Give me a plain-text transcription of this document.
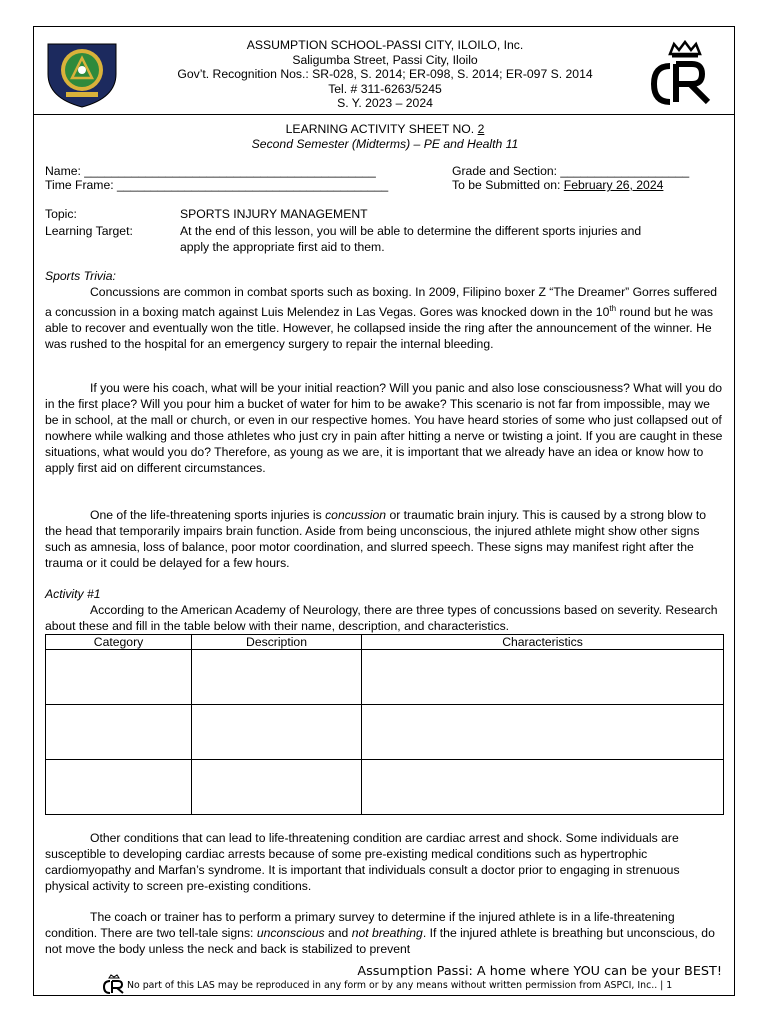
ASSUMPTION SCHOOL-PASSI CITY, ILOILO, Inc.
Saligumba Street, Passi City, Iloilo
Gov’t. Recognition Nos.: SR-028, S. 2014; ER-098, S. 2014; ER-097 S. 2014
Tel. # 311-6263/5245
S. Y. 2023 – 2024
LEARNING ACTIVITY SHEET NO. 2
Second Semester (Midterms) – PE and Health 11
Name: ___________________________________________	Grade and Section: ___________________
Time Frame: ________________________________________	To be Submitted on: February 26, 2024
Topic:	SPORTS INJURY MANAGEMENT
Learning Target:	At the end of this lesson, you will be able to determine the different sports injuries and
apply the appropriate first aid to them.

Sports Trivia:

Concussions are common in combat sports such as boxing. In 2009, Filipino boxer Z “The Dreamer” Gorres suffered a concussion in a boxing match against Luis Melendez in Las Vegas. Gores was knocked down in the 10th round but he was able to recover and eventually won the title. However, he collapsed inside the ring after the announcement of the winner. He was rushed to the hospital for an emergency surgery to repair the internal bleeding.

If you were his coach, what will be your initial reaction? Will you panic and also lose consciousness? What will you do in the first place? Will you pour him a bucket of water for him to be awake? This scenario is not far from impossible, may we be in school, at the mall or church, or even in our respective homes. You have heard stories of some who just collapsed out of nowhere while walking and those athletes who just cry in pain after hitting a nerve or twisting a joint. If you are caught in these situations, what would you do? Therefore, as young as we are, it is important that we already have an idea or know how to apply first aid on different circumstances.

One of the life-threatening sports injuries is concussion or traumatic brain injury. This is caused by a strong blow to the head that temporarily impairs brain function. Aside from being unconscious, the injured athlete might show other signs such as amnesia, loss of balance, poor motor coordination, and slurred speech. These signs may manifest right after the trauma or it could be delayed for a few hours.

Activity #1

According to the American Academy of Neurology, there are three types of concussions based on severity. Research about these and fill in the table below with their name, description, and characteristics.

Category	Description	Characteristics

Other conditions that can lead to life-threatening condition are cardiac arrest and shock. Some individuals are susceptible to developing cardiac arrests because of some pre-existing medical conditions such as hypertrophic cardiomyopathy and Marfan’s syndrome. It is important that individuals consult a doctor prior to engaging in strenuous physical activity to screen pre-existing conditions.

The coach or trainer has to perform a primary survey to determine if the injured athlete is in a life-threatening condition. There are two tell-tale signs: unconscious and not breathing. If the injured athlete is breathing but unconscious, do not move the body unless the neck and back is stabilized to prevent

Assumption Passi: A home where YOU can be your BEST!
No part of this LAS may be reproduced in any form or by any means without written permission from ASPCI, Inc.. | 1
